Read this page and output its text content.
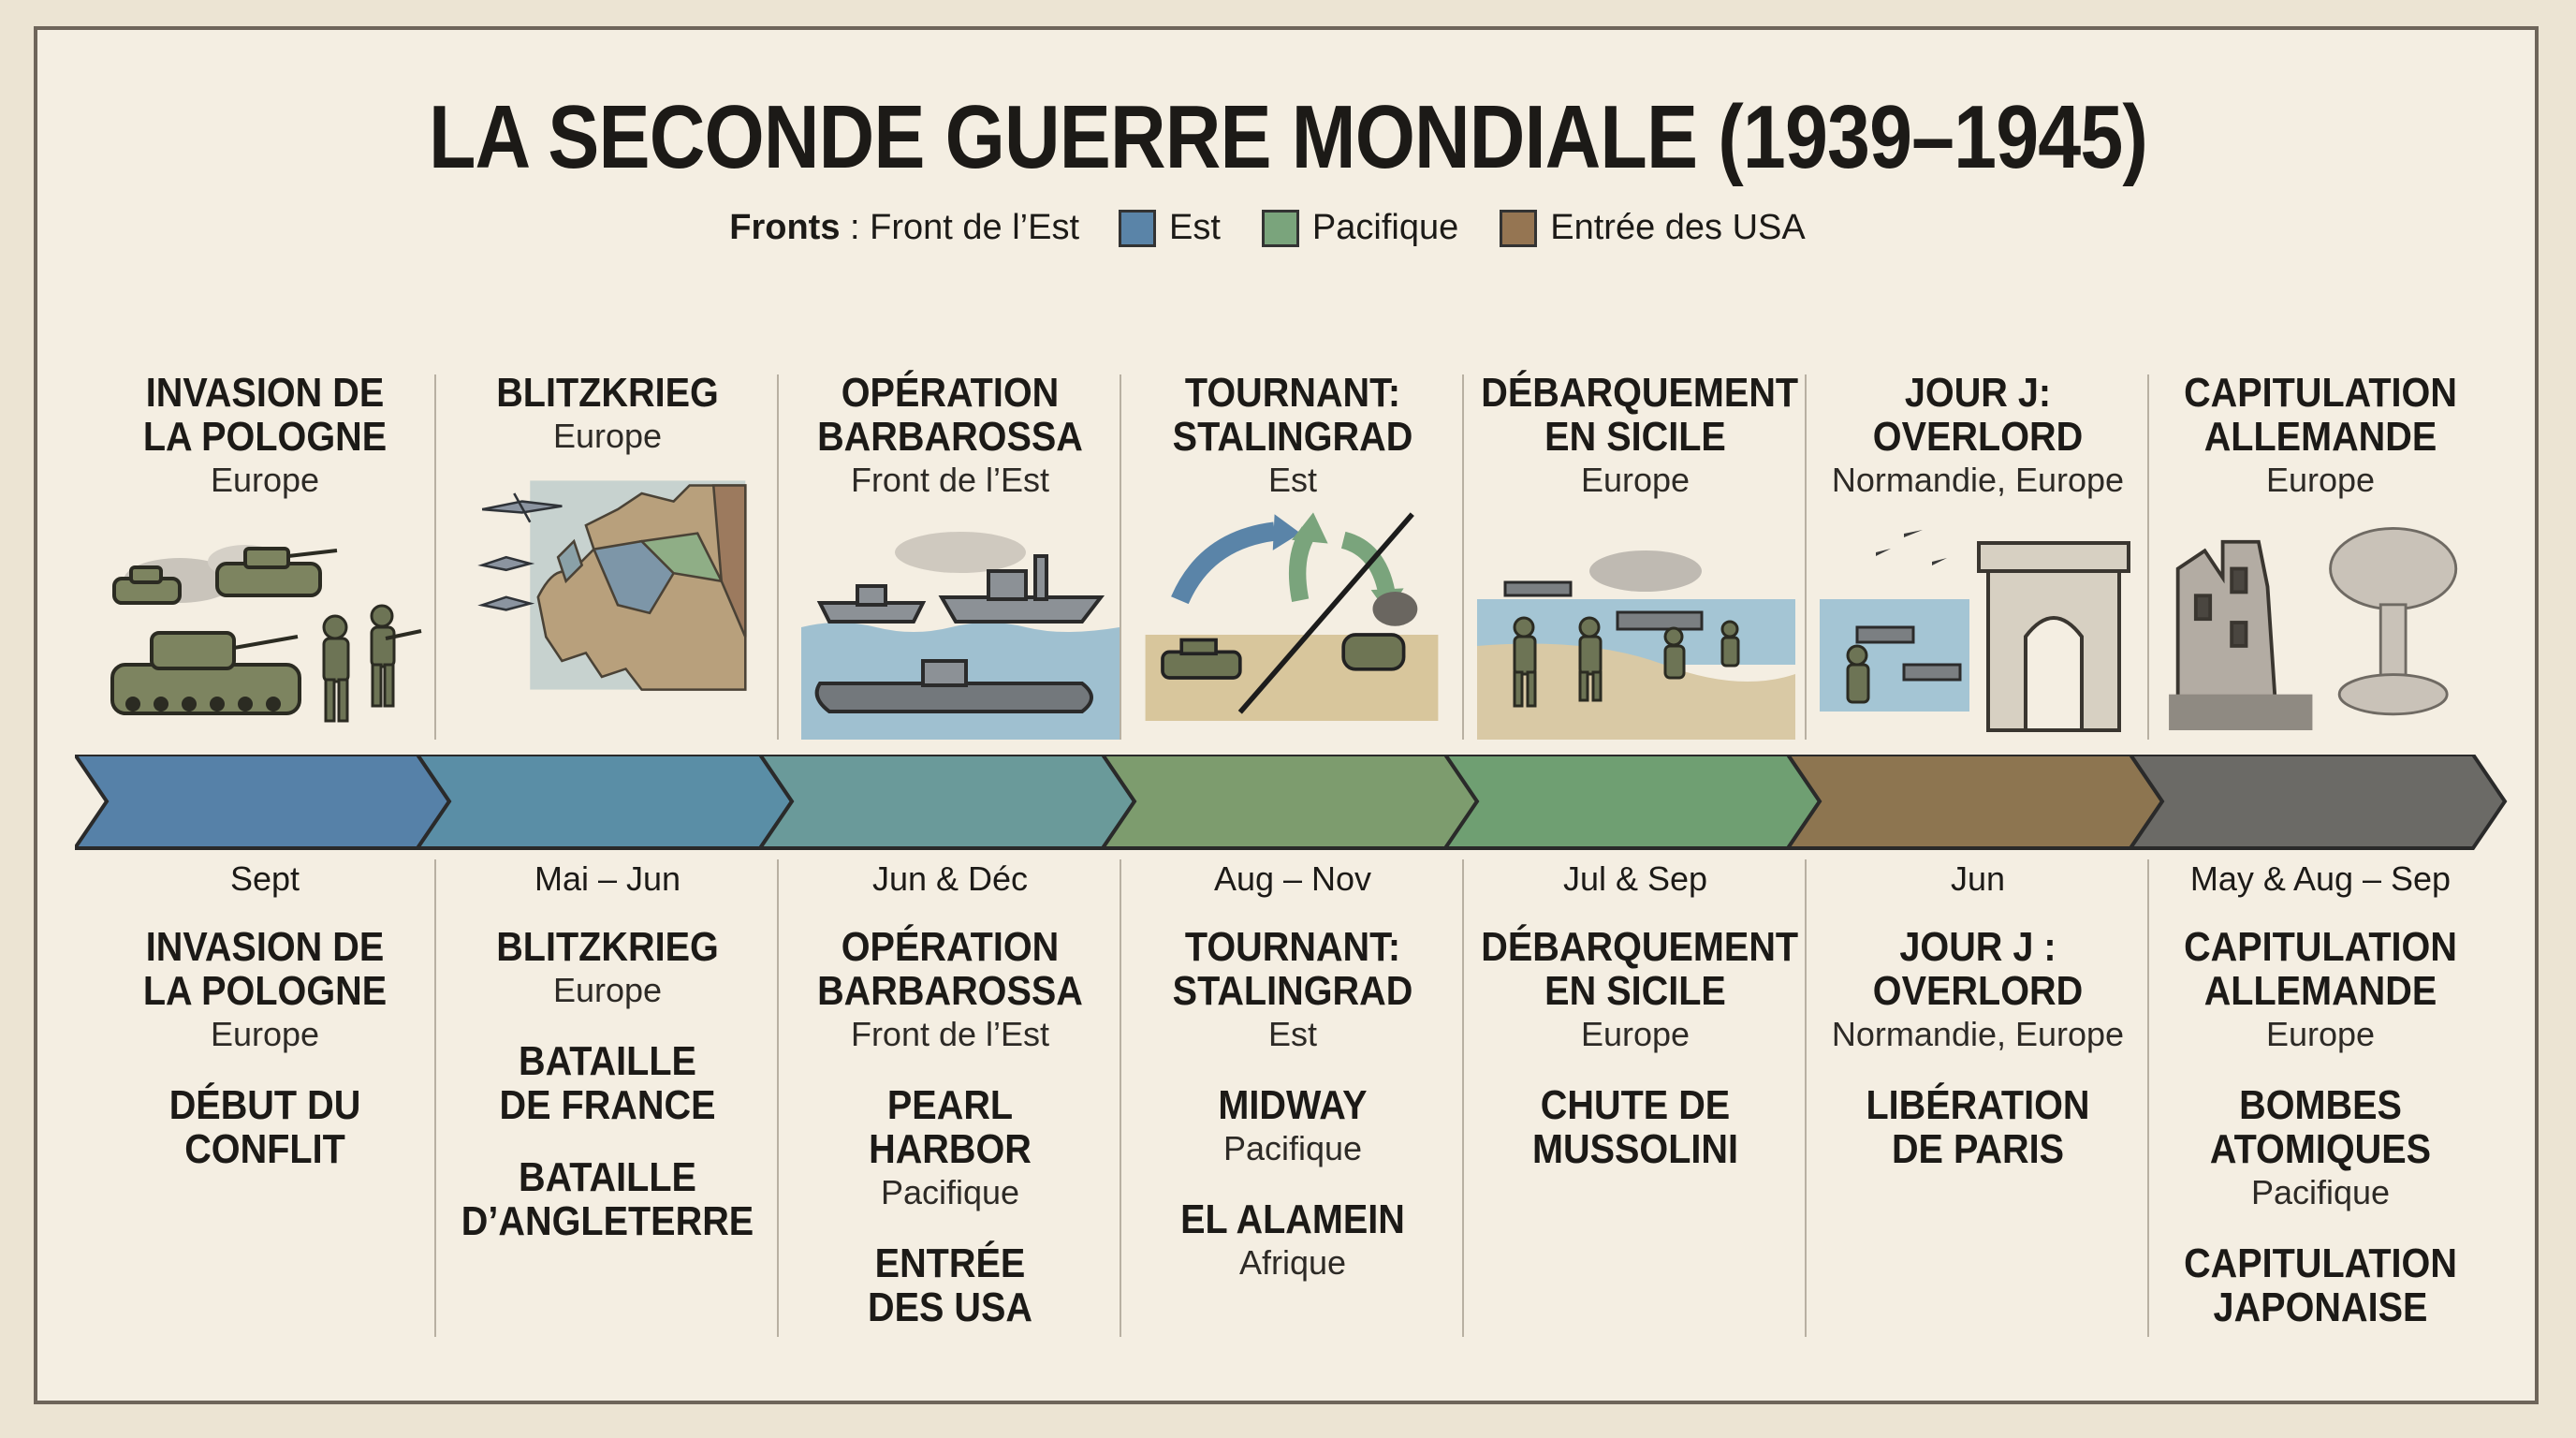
LA SECONDE GUERRE MONDIALE (1939–1945)
Fronts : Front de l’Est	Est	Pacifique	Entrée des USA
INVASION DE
LA POLOGNE
Europe
Sept
INVASION DE
LA POLOGNE
Europe
DÉBUT DU
CONFLIT
BLITZKRIEG
Europe
Mai – Jun
BLITZKRIEG
Europe
BATAILLE
DE FRANCE
BATAILLE
D’ANGLETERRE
OPÉRATION
BARBAROSSA
Front de l’Est
Jun & Déc
OPÉRATION
BARBAROSSA
Front de l’Est
PEARL
HARBOR
Pacifique
ENTRÉE
DES USA
TOURNANT:
STALINGRAD
Est
Aug – Nov
TOURNANT:
STALINGRAD
Est
MIDWAY
Pacifique
EL ALAMEIN
Afrique
DÉBARQUEMENT
EN SICILE
Europe
Jul & Sep
DÉBARQUEMENT
EN SICILE
Europe
CHUTE DE
MUSSOLINI
JOUR J:
OVERLORD
Normandie, Europe
Jun
JOUR J :
OVERLORD
Normandie, Europe
LIBÉRATION
DE PARIS
CAPITULATION
ALLEMANDE
Europe
May & Aug – Sep
CAPITULATION
ALLEMANDE
Europe
BOMBES
ATOMIQUES
Pacifique
CAPITULATION
JAPONAISE
